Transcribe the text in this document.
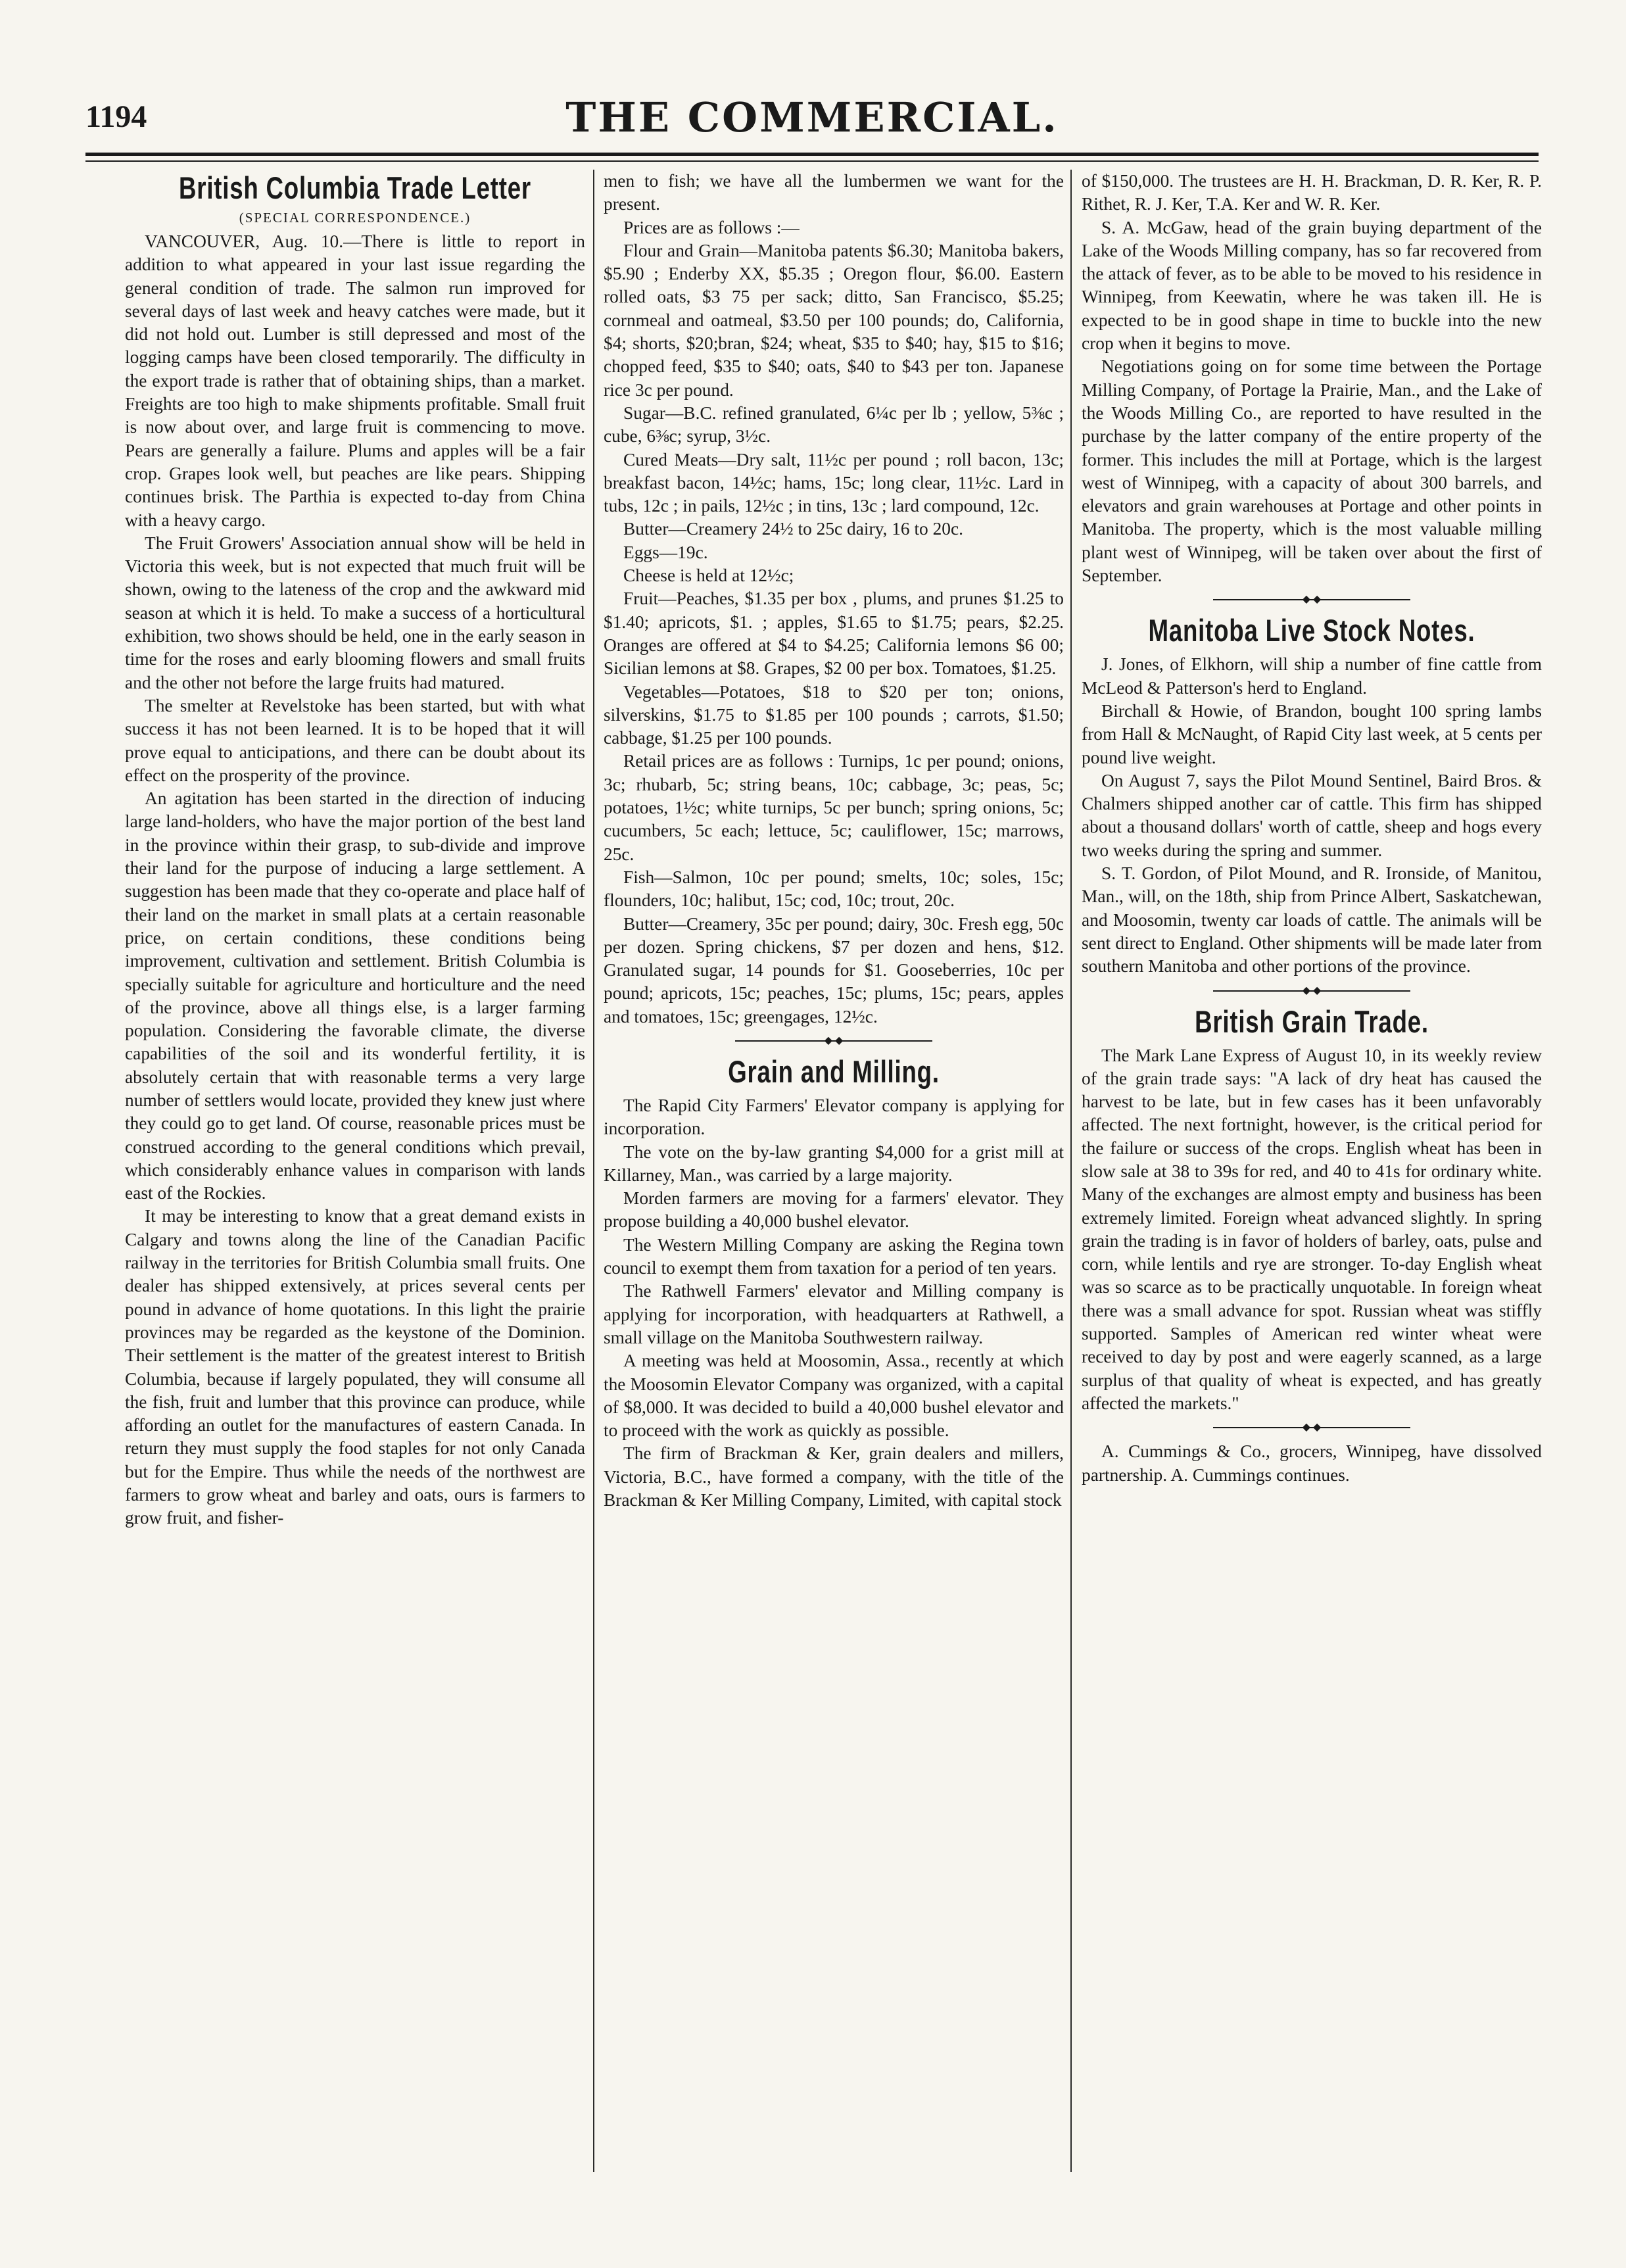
1194	THE COMMERCIAL.
British Columbia Trade Letter
(SPECIAL CORRESPONDENCE.)

VANCOUVER, Aug. 10.—There is little to report in addition to what appeared in your last issue regarding the general condition of trade. The salmon run improved for several days of last week and heavy catches were made, but it did not hold out. Lumber is still depressed and most of the logging camps have been closed temporarily. The difficulty in the export trade is rather that of obtaining ships, than a market. Freights are too high to make shipments profitable. Small fruit is now about over, and large fruit is commencing to move. Pears are generally a failure. Plums and apples will be a fair crop. Grapes look well, but peaches are like pears. Shipping continues brisk. The Parthia is expected to-day from China with a heavy cargo.

The Fruit Growers' Association annual show will be held in Victoria this week, but is not expected that much fruit will be shown, owing to the lateness of the crop and the awkward mid season at which it is held. To make a success of a horticultural exhibition, two shows should be held, one in the early season in time for the roses and early blooming flowers and small fruits and the other not before the large fruits had matured.

The smelter at Revelstoke has been started, but with what success it has not been learned. It is to be hoped that it will prove equal to anticipations, and there can be doubt about its effect on the prosperity of the province.

An agitation has been started in the direction of inducing large land-holders, who have the major portion of the best land in the province within their grasp, to sub-divide and improve their land for the purpose of inducing a large settlement. A suggestion has been made that they co-operate and place half of their land on the market in small plats at a certain reasonable price, on certain conditions, these conditions being improvement, cultivation and settlement. British Columbia is specially suitable for agriculture and horticulture and the need of the province, above all things else, is a larger farming population. Considering the favorable climate, the diverse capabilities of the soil and its wonderful fertility, it is absolutely certain that with reasonable terms a very large number of settlers would locate, provided they knew just where they could go to get land. Of course, reasonable prices must be construed according to the general conditions which prevail, which considerably enhance values in comparison with lands east of the Rockies.

It may be interesting to know that a great demand exists in Calgary and towns along the line of the Canadian Pacific railway in the territories for British Columbia small fruits. One dealer has shipped extensively, at prices several cents per pound in advance of home quotations. In this light the prairie provinces may be regarded as the keystone of the Dominion. Their settlement is the matter of the greatest interest to British Columbia, because if largely populated, they will consume all the fish, fruit and lumber that this province can produce, while affording an outlet for the manufactures of eastern Canada. In return they must supply the food staples for not only Canada but for the Empire. Thus while the needs of the northwest are farmers to grow wheat and barley and oats, ours is farmers to grow fruit, and fisher-

men to fish; we have all the lumbermen we want for the present.

Prices are as follows :—

Flour and Grain—Manitoba patents $6.30; Manitoba bakers, $5.90 ; Enderby XX, $5.35 ; Oregon flour, $6.00. Eastern rolled oats, $3 75 per sack; ditto, San Francisco, $5.25; cornmeal and oatmeal, $3.50 per 100 pounds; do, California, $4; shorts, $20;bran, $24; wheat, $35 to $40; hay, $15 to $16; chopped feed, $35 to $40; oats, $40 to $43 per ton. Japanese rice 3c per pound.

Sugar—B.C. refined granulated, 6¼c per lb ; yellow, 5⅜c ; cube, 6⅜c; syrup, 3½c.

Cured Meats—Dry salt, 11½c per pound ; roll bacon, 13c; breakfast bacon, 14½c; hams, 15c; long clear, 11½c. Lard in tubs, 12c ; in pails, 12½c ; in tins, 13c ; lard compound, 12c.

Butter—Creamery 24½ to 25c dairy, 16 to 20c.

Eggs—19c.

Cheese is held at 12½c;

Fruit—Peaches, $1.35 per box , plums, and prunes $1.25 to $1.40; apricots, $1. ; apples, $1.65 to $1.75; pears, $2.25. Oranges are offered at $4 to $4.25; California lemons $6 00; Sicilian lemons at $8. Grapes, $2 00 per box. Tomatoes, $1.25.

Vegetables—Potatoes, $18 to $20 per ton; onions, silverskins, $1.75 to $1.85 per 100 pounds ; carrots, $1.50; cabbage, $1.25 per 100 pounds.

Retail prices are as follows : Turnips, 1c per pound; onions, 3c; rhubarb, 5c; string beans, 10c; cabbage, 3c; peas, 5c; potatoes, 1½c; white turnips, 5c per bunch; spring onions, 5c; cucumbers, 5c each; lettuce, 5c; cauliflower, 15c; marrows, 25c.

Fish—Salmon, 10c per pound; smelts, 10c; soles, 15c; flounders, 10c; halibut, 15c; cod, 10c; trout, 20c.

Butter—Creamery, 35c per pound; dairy, 30c. Fresh egg, 50c per dozen. Spring chickens, $7 per dozen and hens, $12. Granulated sugar, 14 pounds for $1. Gooseberries, 10c per pound; apricots, 15c; peaches, 15c; plums, 15c; pears, apples and tomatoes, 15c; greengages, 12½c.

◆ ◆
Grain and Milling.

The Rapid City Farmers' Elevator company is applying for incorporation.

The vote on the by-law granting $4,000 for a grist mill at Killarney, Man., was carried by a large majority.

Morden farmers are moving for a farmers' elevator. They propose building a 40,000 bushel elevator.

The Western Milling Company are asking the Regina town council to exempt them from taxation for a period of ten years.

The Rathwell Farmers' elevator and Milling company is applying for incorporation, with headquarters at Rathwell, a small village on the Manitoba Southwestern railway.

A meeting was held at Moosomin, Assa., recently at which the Moosomin Elevator Company was organized, with a capital of $8,000. It was decided to build a 40,000 bushel elevator and to proceed with the work as quickly as possible.

The firm of Brackman & Ker, grain dealers and millers, Victoria, B.C., have formed a company, with the title of the Brackman & Ker Milling Company, Limited, with capital stock

of $150,000. The trustees are H. H. Brackman, D. R. Ker, R. P. Rithet, R. J. Ker, T.A. Ker and W. R. Ker.

S. A. McGaw, head of the grain buying department of the Lake of the Woods Milling company, has so far recovered from the attack of fever, as to be able to be moved to his residence in Winnipeg, from Keewatin, where he was taken ill. He is expected to be in good shape in time to buckle into the new crop when it begins to move.

Negotiations going on for some time between the Portage Milling Company, of Portage la Prairie, Man., and the Lake of the Woods Milling Co., are reported to have resulted in the purchase by the latter company of the entire property of the former. This includes the mill at Portage, which is the largest west of Winnipeg, with a capacity of about 300 barrels, and elevators and grain warehouses at Portage and other points in Manitoba. The property, which is the most valuable milling plant west of Winnipeg, will be taken over about the first of September.

◆ ◆
Manitoba Live Stock Notes.

J. Jones, of Elkhorn, will ship a number of fine cattle from McLeod & Patterson's herd to England.

Birchall & Howie, of Brandon, bought 100 spring lambs from Hall & McNaught, of Rapid City last week, at 5 cents per pound live weight.

On August 7, says the Pilot Mound Sentinel, Baird Bros. & Chalmers shipped another car of cattle. This firm has shipped about a thousand dollars' worth of cattle, sheep and hogs every two weeks during the spring and summer.

S. T. Gordon, of Pilot Mound, and R. Ironside, of Manitou, Man., will, on the 18th, ship from Prince Albert, Saskatchewan, and Moosomin, twenty car loads of cattle. The animals will be sent direct to England. Other shipments will be made later from southern Manitoba and other portions of the province.

◆ ◆
British Grain Trade.

The Mark Lane Express of August 10, in its weekly review of the grain trade says: "A lack of dry heat has caused the harvest to be late, but in few cases has it been unfavorably affected. The next fortnight, however, is the critical period for the failure or success of the crops. English wheat has been in slow sale at 38 to 39s for red, and 40 to 41s for ordinary white. Many of the exchanges are almost empty and business has been extremely limited. Foreign wheat advanced slightly. In spring grain the trading is in favor of holders of barley, oats, pulse and corn, while lentils and rye are stronger. To-day English wheat was so scarce as to be practically unquotable. In foreign wheat there was a small advance for spot. Russian wheat was stiffly supported. Samples of American red winter wheat were received to day by post and were eagerly scanned, as a large surplus of that quality of wheat is expected, and has greatly affected the markets."

◆ ◆

A. Cummings & Co., grocers, Winnipeg, have dissolved partnership. A. Cummings continues.
